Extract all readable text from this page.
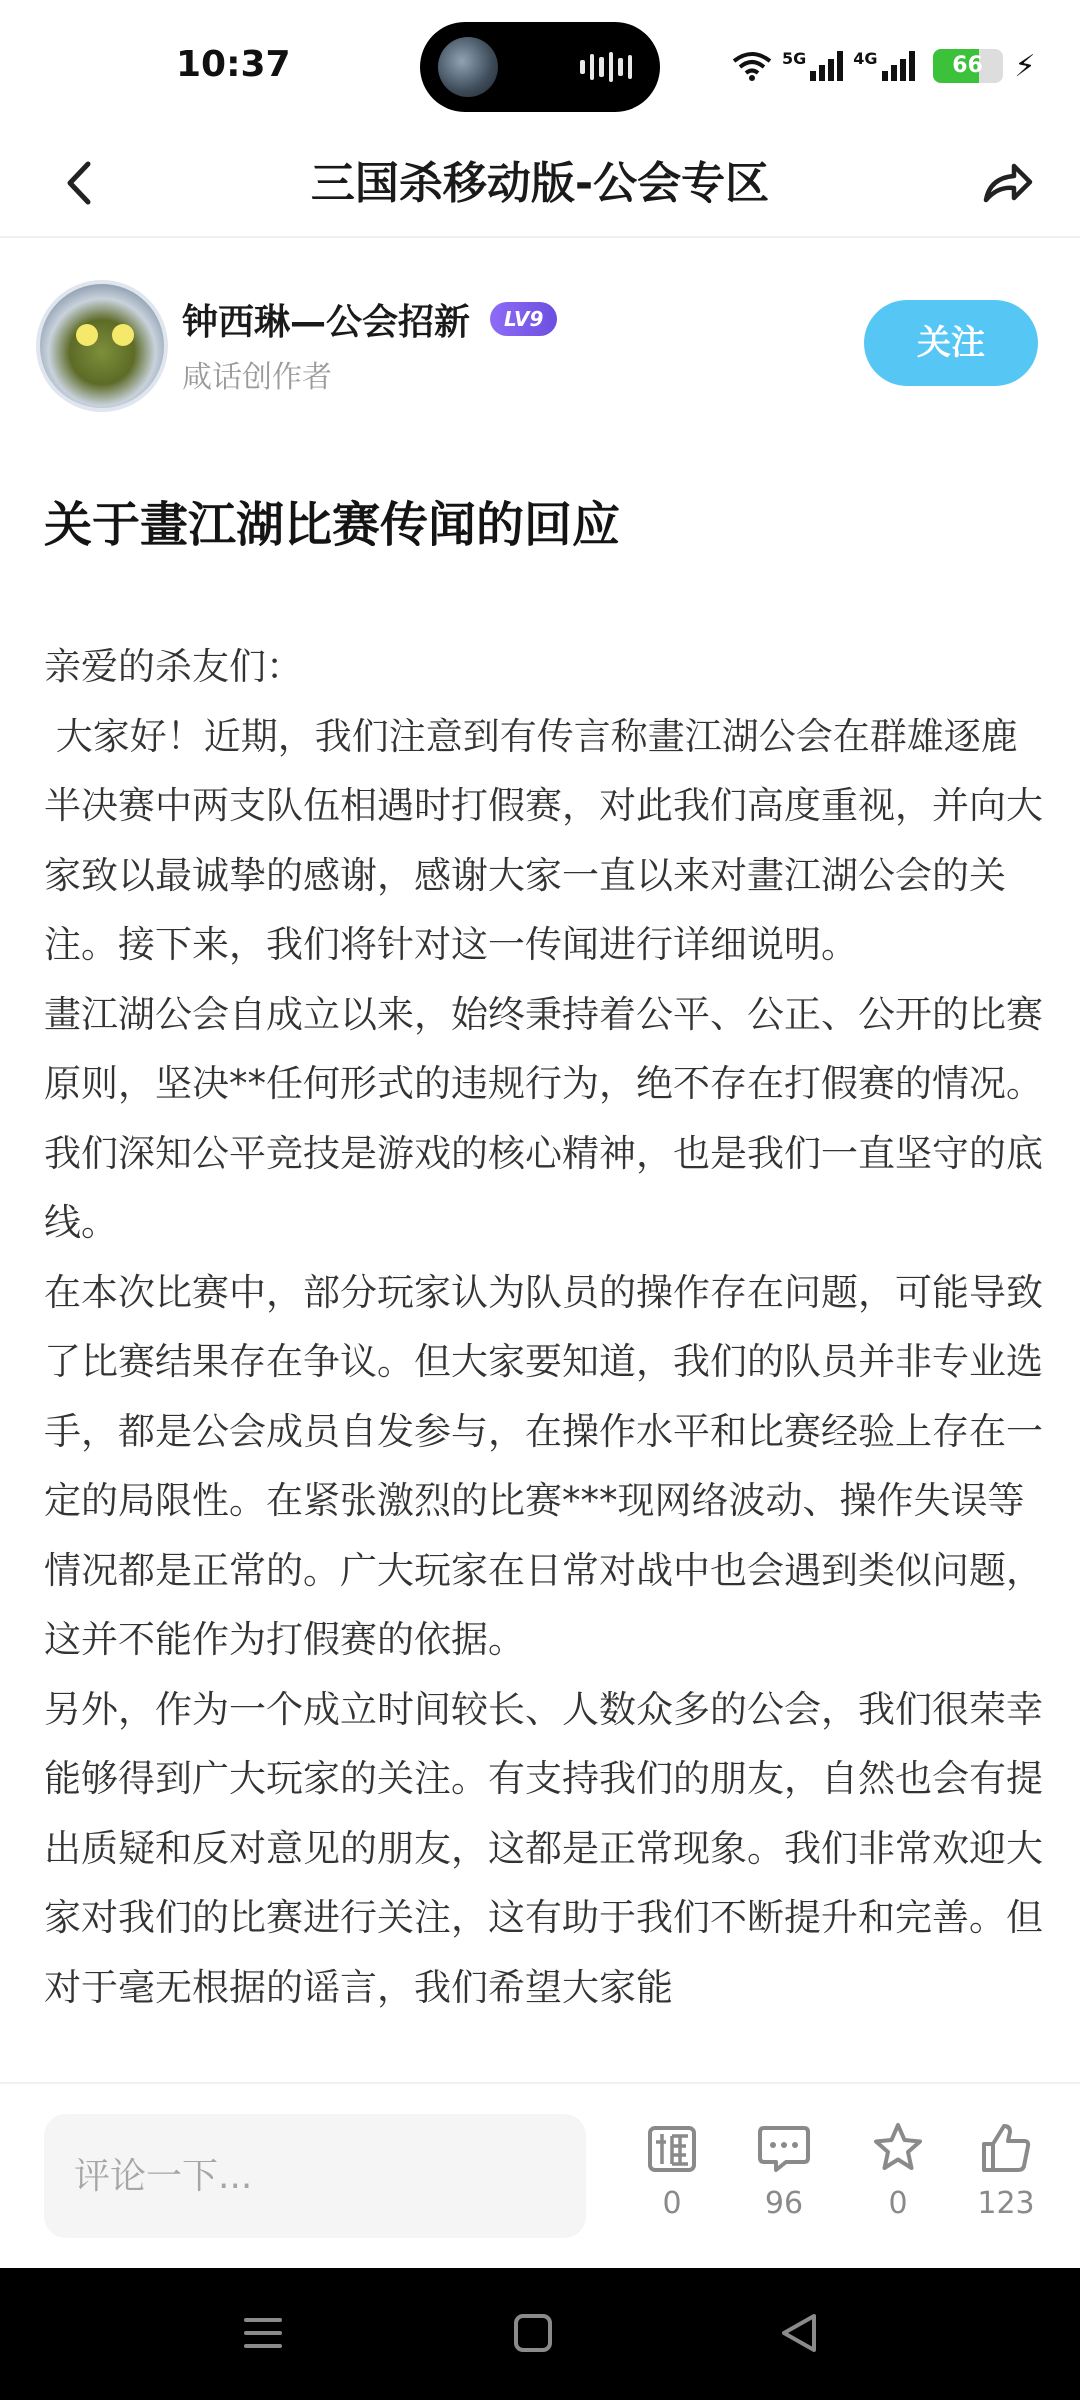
10:37	5G	4G	66	⚡
三国杀移动版-公会专区
钟西琳—公会招新	LV9
咸话创作者
关注
关于畫江湖比赛传闻的回应

亲爱的杀友们：

大家好！近期，我们注意到有传言称畫江湖公会在群雄逐鹿半决赛中两支队伍相遇时打假赛，对此我们高度重视，并向大家致以最诚挚的感谢，感谢大家一直以来对畫江湖公会的关注。接下来，我们将针对这一传闻进行详细说明。

畫江湖公会自成立以来，始终秉持着公平、公正、公开的比赛原则，坚决**任何形式的违规行为，绝不存在打假赛的情况。我们深知公平竞技是游戏的核心精神，也是我们一直坚守的底线。

在本次比赛中，部分玩家认为队员的操作存在问题，可能导致了比赛结果存在争议。但大家要知道，我们的队员并非专业选手，都是公会成员自发参与，在操作水平和比赛经验上存在一定的局限性。在紧张激烈的比赛***现网络波动、操作失误等情况都是正常的。广大玩家在日常对战中也会遇到类似问题，这并不能作为打假赛的依据。

另外，作为一个成立时间较长、人数众多的公会，我们很荣幸能够得到广大玩家的关注。有支持我们的朋友，自然也会有提出质疑和反对意见的朋友，这都是正常现象。我们非常欢迎大家对我们的比赛进行关注，这有助于我们不断提升和完善。但对于毫无根据的谣言，我们希望大家能

评论一下...
0	96	0	123
